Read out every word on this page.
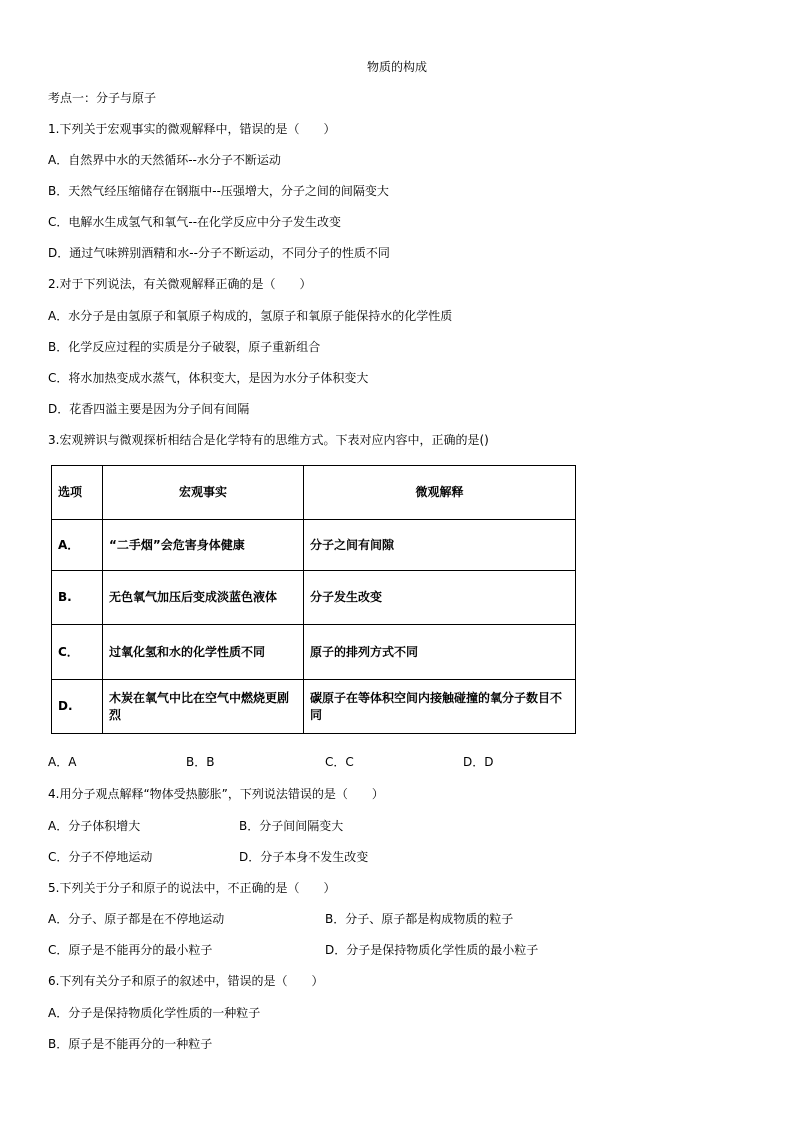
物质的构成
考点一：分子与原子
1.下列关于宏观事实的微观解释中，错误的是（　　）
A．自然界中水的天然循环--水分子不断运动
B．天然气经压缩储存在钢瓶中--压强增大，分子之间的间隔变大
C．电解水生成氢气和氧气--在化学反应中分子发生改变
D．通过气味辨别酒精和水--分子不断运动，不同分子的性质不同
2.对于下列说法，有关微观解释正确的是（　　）
A．水分子是由氢原子和氧原子构成的，氢原子和氧原子能保持水的化学性质
B．化学反应过程的实质是分子破裂，原子重新组合
C．将水加热变成水蒸气，体积变大，是因为水分子体积变大
D．花香四溢主要是因为分子间有间隔
3.宏观辨识与微观探析相结合是化学特有的思维方式。下表对应内容中，正确的是()
选项	宏观事实	微观解释
A．	“二手烟”会危害身体健康	分子之间有间隙
B.	无色氧气加压后变成淡蓝色液体	分子发生改变
C．	过氧化氢和水的化学性质不同	原子的排列方式不同
D.	木炭在氧气中比在空气中燃烧更剧烈	碳原子在等体积空间内接触碰撞的氧分子数目不同
A．A	B．B	C．C	D．D
4.用分子观点解释“物体受热膨胀”，下列说法错误的是（　　）
A．分子体积增大	B．分子间间隔变大
C．分子不停地运动	D．分子本身不发生改变
5.下列关于分子和原子的说法中，不正确的是（　　）
A．分子、原子都是在不停地运动	B．分子、原子都是构成物质的粒子
C．原子是不能再分的最小粒子	D．分子是保持物质化学性质的最小粒子
6.下列有关分子和原子的叙述中，错误的是（　　）
A．分子是保持物质化学性质的一种粒子
B．原子是不能再分的一种粒子
